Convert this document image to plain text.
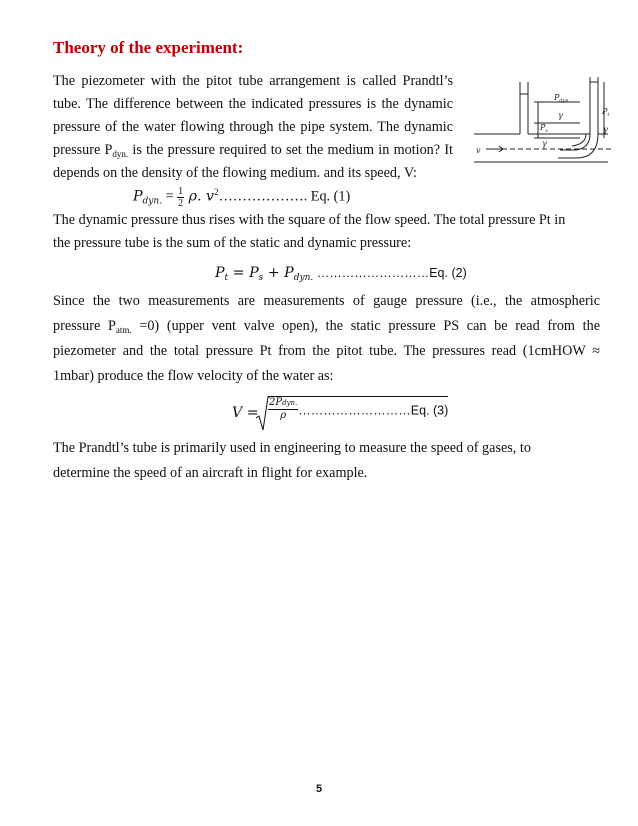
Theory of the experiment:
The piezometer with the pitot tube arrangement is called Prandtl’s
tube. The difference between the indicated pressures is the dynamic
pressure of the water flowing through the pipe system. The dynamic
pressure $P_{dyn.}$ is the pressure required to set the medium in motion? It
depends on the density of the flowing medium. and its speed, V:
$P_{dyn}$
γ
$P_s$
γ
$P_t$
γ
v
$P_{dyn.} = \frac{1}{2} \rho$. $v^2\dots\dots\dots\dots\dots\dots$. Eq. (1)
The dynamic pressure thus rises with the square of the flow speed. The total pressure Pt in
the pressure tube is the sum of the static and dynamic pressure:
$P_t = P_s + P_{dyn.}$ ………………………Eq. (2)
Since the two measurements are measurements of gauge pressure (i.e., the atmospheric
pressure $P_{atm.} =0$) (upper vent valve open), the static pressure PS can be read from the
piezometer and the total pressure Pt from the pitot tube. The pressures read (1cmHOW ≈
1mbar) produce the flow velocity of the water as:
$V = \frac{\text{2Pdyn.}}{\rho}$ ………………………Eq. (3)
The Prandtl’s tube is primarily used in engineering to measure the speed of gases, to
determine the speed of an aircraft in flight for example.
5
